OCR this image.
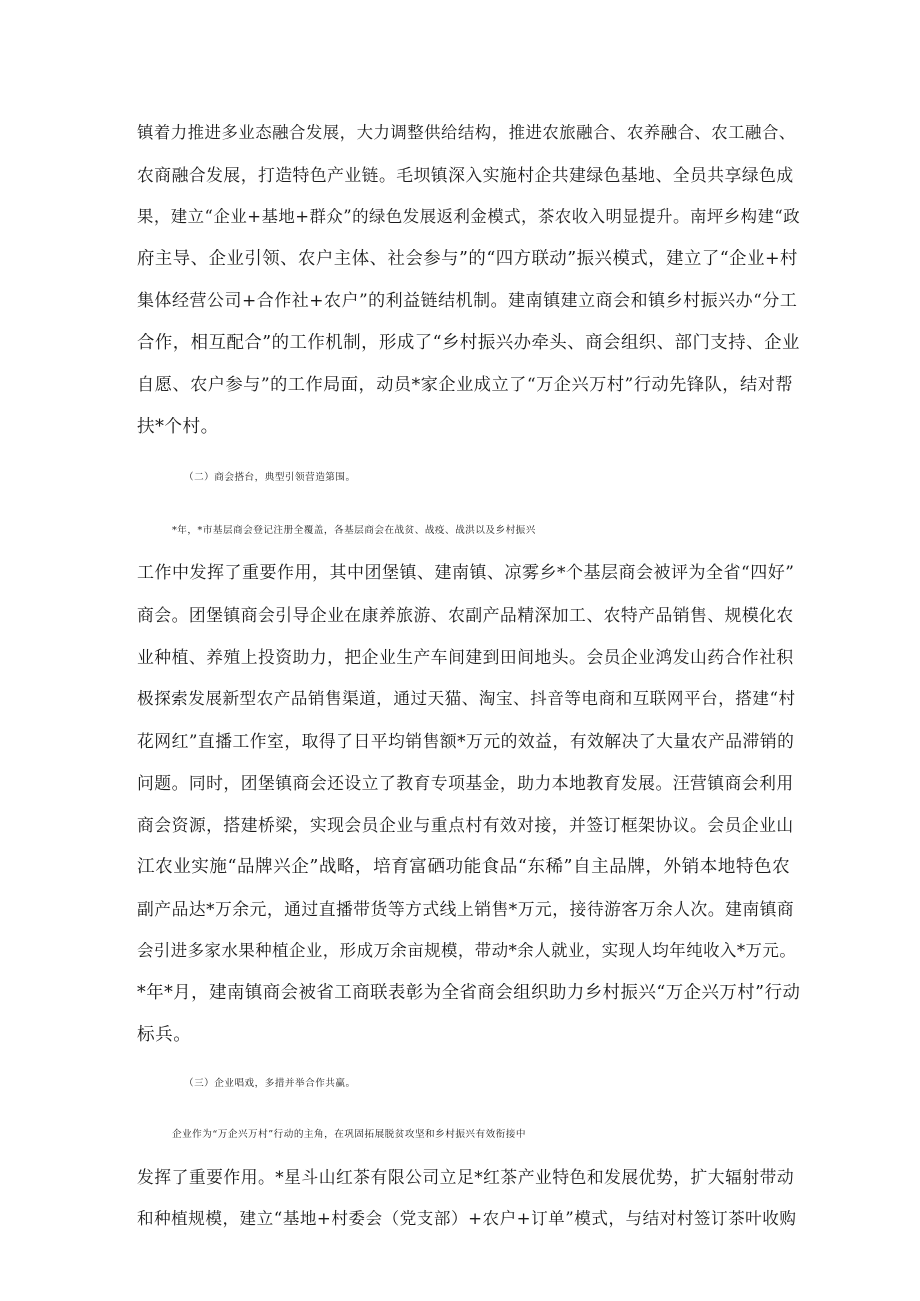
镇着力推进多业态融合发展，大力调整供给结构，推进农旅融合、农养融合、农工融合、
农商融合发展，打造特色产业链。毛坝镇深入实施村企共建绿色基地、全员共享绿色成
果，建立“企业+基地+群众”的绿色发展返利金模式，茶农收入明显提升。南坪乡构建“政
府主导、企业引领、农户主体、社会参与”的“四方联动”振兴模式，建立了“企业+村
集体经营公司+合作社+农户”的利益链结机制。建南镇建立商会和镇乡村振兴办“分工
合作，相互配合”的工作机制，形成了“乡村振兴办牵头、商会组织、部门支持、企业
自愿、农户参与”的工作局面，动员*家企业成立了“万企兴万村”行动先锋队，结对帮
扶*个村。
（二）商会搭台，典型引领营造第围。
*年，*市基层商会登记注册全覆盖，各基层商会在战贫、战疫、战洪以及乡村振兴
工作中发挥了重要作用，其中团堡镇、建南镇、凉雾乡*个基层商会被评为全省“四好”
商会。团堡镇商会引导企业在康养旅游、农副产品精深加工、农特产品销售、规模化农
业种植、养殖上投资助力，把企业生产车间建到田间地头。会员企业鸿发山药合作社积
极探索发展新型农产品销售渠道，通过天猫、淘宝、抖音等电商和互联网平台，搭建“村
花网红”直播工作室，取得了日平均销售额*万元的效益，有效解决了大量农产品滞销的
问题。同时，团堡镇商会还设立了教育专项基金，助力本地教育发展。汪营镇商会利用
商会资源，搭建桥梁，实现会员企业与重点村有效对接，并签订框架协议。会员企业山
江农业实施“品牌兴企”战略，培育富硒功能食品“东稀”自主品牌，外销本地特色农
副产品达*万余元，通过直播带货等方式线上销售*万元，接待游客万余人次。建南镇商
会引进多家水果种植企业，形成万余亩规模，带动*余人就业，实现人均年纯收入*万元。
*年*月，建南镇商会被省工商联表彰为全省商会组织助力乡村振兴“万企兴万村”行动
标兵。
（三）企业唱戏，多措并举合作共赢。
企业作为“万企兴万村”行动的主角，在巩固拓展脱贫攻坚和乡村振兴有效衔接中
发挥了重要作用。*星斗山红茶有限公司立足*红茶产业特色和发展优势，扩大辐射带动
和种植规模，建立“基地+村委会（党支部）+农户+订单”模式，与结对村签订茶叶收购
